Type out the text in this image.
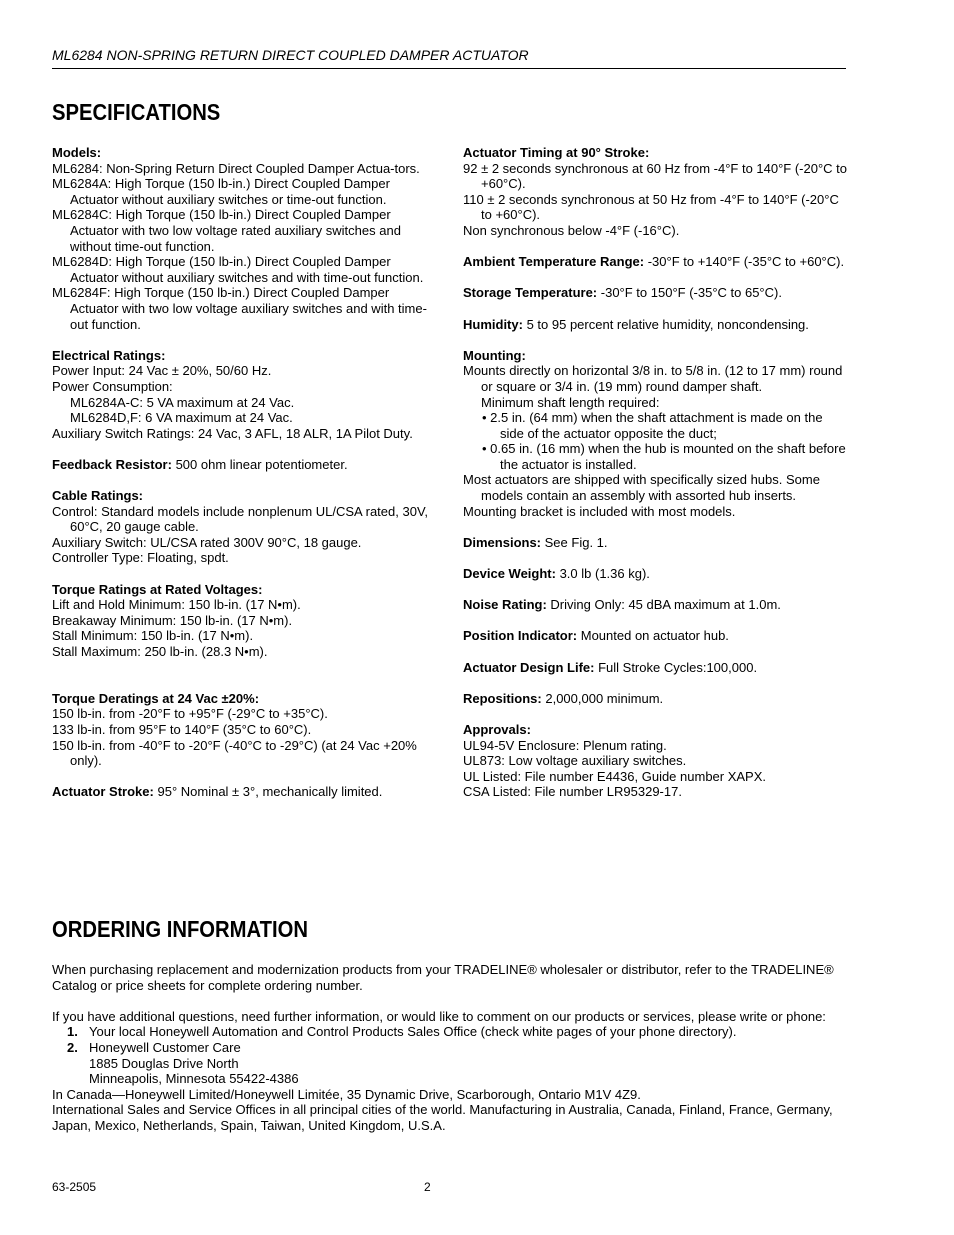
ML6284 NON-SPRING RETURN DIRECT COUPLED DAMPER ACTUATOR
SPECIFICATIONS
Models:
ML6284: Non-Spring Return Direct Coupled Damper Actua-tors.
ML6284A: High Torque (150 lb-in.) Direct Coupled Damper Actuator without auxiliary switches or time-out function.
ML6284C: High Torque (150 lb-in.) Direct Coupled Damper Actuator with two low voltage rated auxiliary switches and without time-out function.
ML6284D: High Torque (150 lb-in.) Direct Coupled Damper Actuator without auxiliary switches and with time-out function.
ML6284F: High Torque (150 lb-in.) Direct Coupled Damper Actuator with two low voltage auxiliary switches and with time-out function.
Electrical Ratings:
Power Input: 24 Vac ± 20%, 50/60 Hz.
Power Consumption:
ML6284A-C: 5 VA maximum at 24 Vac.
ML6284D,F: 6 VA maximum at 24 Vac.
Auxiliary Switch Ratings: 24 Vac, 3 AFL, 18 ALR, 1A Pilot Duty.
Feedback Resistor: 500 ohm linear potentiometer.
Cable Ratings:
Control: Standard models include nonplenum UL/CSA rated, 30V, 60°C, 20 gauge cable.
Auxiliary Switch: UL/CSA rated 300V 90°C, 18 gauge.
Controller Type: Floating, spdt.
Torque Ratings at Rated Voltages:
Lift and Hold Minimum: 150 lb-in. (17 N•m).
Breakaway Minimum: 150 lb-in. (17 N•m).
Stall Minimum: 150 lb-in. (17 N•m).
Stall Maximum: 250 lb-in. (28.3 N•m).
Torque Deratings at 24 Vac ±20%:
150 lb-in. from -20°F to +95°F (-29°C to +35°C).
133 lb-in. from 95°F to 140°F (35°C to 60°C).
150 lb-in. from -40°F to -20°F (-40°C to -29°C) (at 24 Vac +20% only).
Actuator Stroke: 95° Nominal ± 3°, mechanically limited.
Actuator Timing at 90° Stroke:
92 ± 2 seconds synchronous at 60 Hz from -4°F to 140°F (-20°C to +60°C).
110 ± 2 seconds synchronous at 50 Hz from -4°F to 140°F (-20°C to +60°C).
Non synchronous below -4°F (-16°C).
Ambient Temperature Range: -30°F to +140°F (-35°C to +60°C).
Storage Temperature: -30°F to 150°F (-35°C to 65°C).
Humidity: 5 to 95 percent relative humidity, noncondensing.
Mounting:
Mounts directly on horizontal 3/8 in. to 5/8 in. (12 to 17 mm) round or square or 3/4 in. (19 mm) round damper shaft.
Minimum shaft length required:
• 2.5 in. (64 mm) when the shaft attachment is made on the side of the actuator opposite the duct;
• 0.65 in. (16 mm) when the hub is mounted on the shaft before the actuator is installed.
Most actuators are shipped with specifically sized hubs. Some models contain an assembly with assorted hub inserts.
Mounting bracket is included with most models.
Dimensions: See Fig. 1.
Device Weight: 3.0 lb (1.36 kg).
Noise Rating: Driving Only: 45 dBA maximum at 1.0m.
Position Indicator: Mounted on actuator hub.
Actuator Design Life: Full Stroke Cycles:100,000.
Repositions: 2,000,000 minimum.
Approvals:
UL94-5V Enclosure: Plenum rating.
UL873: Low voltage auxiliary switches.
UL Listed: File number E4436, Guide number XAPX.
CSA Listed: File number LR95329-17.
ORDERING INFORMATION

When purchasing replacement and modernization products from your TRADELINE® wholesaler or distributor, refer to the TRADELINE® Catalog or price sheets for complete ordering number.

If you have additional questions, need further information, or would like to comment on our products or services, please write or phone:
1. Your local Honeywell Automation and Control Products Sales Office (check white pages of your phone directory).
2. Honeywell Customer Care
1885 Douglas Drive North
Minneapolis, Minnesota 55422-4386
In Canada—Honeywell Limited/Honeywell Limitée, 35 Dynamic Drive, Scarborough, Ontario M1V 4Z9.
International Sales and Service Offices in all principal cities of the world. Manufacturing in Australia, Canada, Finland, France, Germany, Japan, Mexico, Netherlands, Spain, Taiwan, United Kingdom, U.S.A.
63-2505	2
